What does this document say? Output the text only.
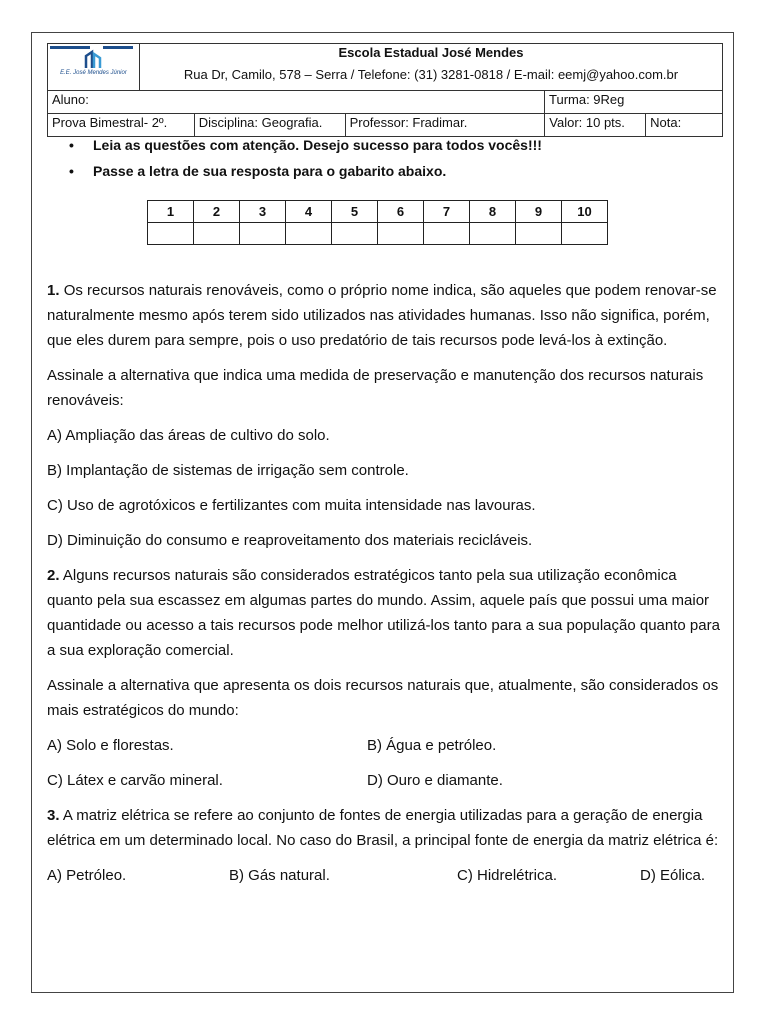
E.E. José Mendes Júnior
Escola Estadual José Mendes
Rua Dr, Camilo, 578 – Serra / Telefone: (31) 3281-0818 / E-mail: eemj@yahoo.com.br
Aluno:	Turma: 9Reg
Prova Bimestral- 2º.	Disciplina: Geografia.	Professor: Fradimar.	Valor: 10 pts.	Nota:
• Leia as questões com atenção. Desejo sucesso para todos vocês!!!
• Passe a letra de sua resposta para o gabarito abaixo.
1	2	3	4	5	6	7	8	9	10

1. Os recursos naturais renováveis, como o próprio nome indica, são aqueles que podem renovar-se naturalmente mesmo após terem sido utilizados nas atividades humanas. Isso não significa, porém, que eles durem para sempre, pois o uso predatório de tais recursos pode levá-los à extinção.

Assinale a alternativa que indica uma medida de preservação e manutenção dos recursos naturais renováveis:

A) Ampliação das áreas de cultivo do solo.
B) Implantação de sistemas de irrigação sem controle.
C) Uso de agrotóxicos e fertilizantes com muita intensidade nas lavouras.
D) Diminuição do consumo e reaproveitamento dos materiais recicláveis.

2. Alguns recursos naturais são considerados estratégicos tanto pela sua utilização econômica quanto pela sua escassez em algumas partes do mundo. Assim, aquele país que possui uma maior quantidade ou acesso a tais recursos pode melhor utilizá-los tanto para a sua população quanto para a sua exploração comercial.

Assinale a alternativa que apresenta os dois recursos naturais que, atualmente, são considerados os mais estratégicos do mundo:

A) Solo e florestas.	B) Água e petróleo.
C) Látex e carvão mineral.	D) Ouro e diamante.

3. A matriz elétrica se refere ao conjunto de fontes de energia utilizadas para a geração de energia elétrica em um determinado local. No caso do Brasil, a principal fonte de energia da matriz elétrica é:

A) Petróleo.	B) Gás natural.	C) Hidrelétrica.	D) Eólica.
